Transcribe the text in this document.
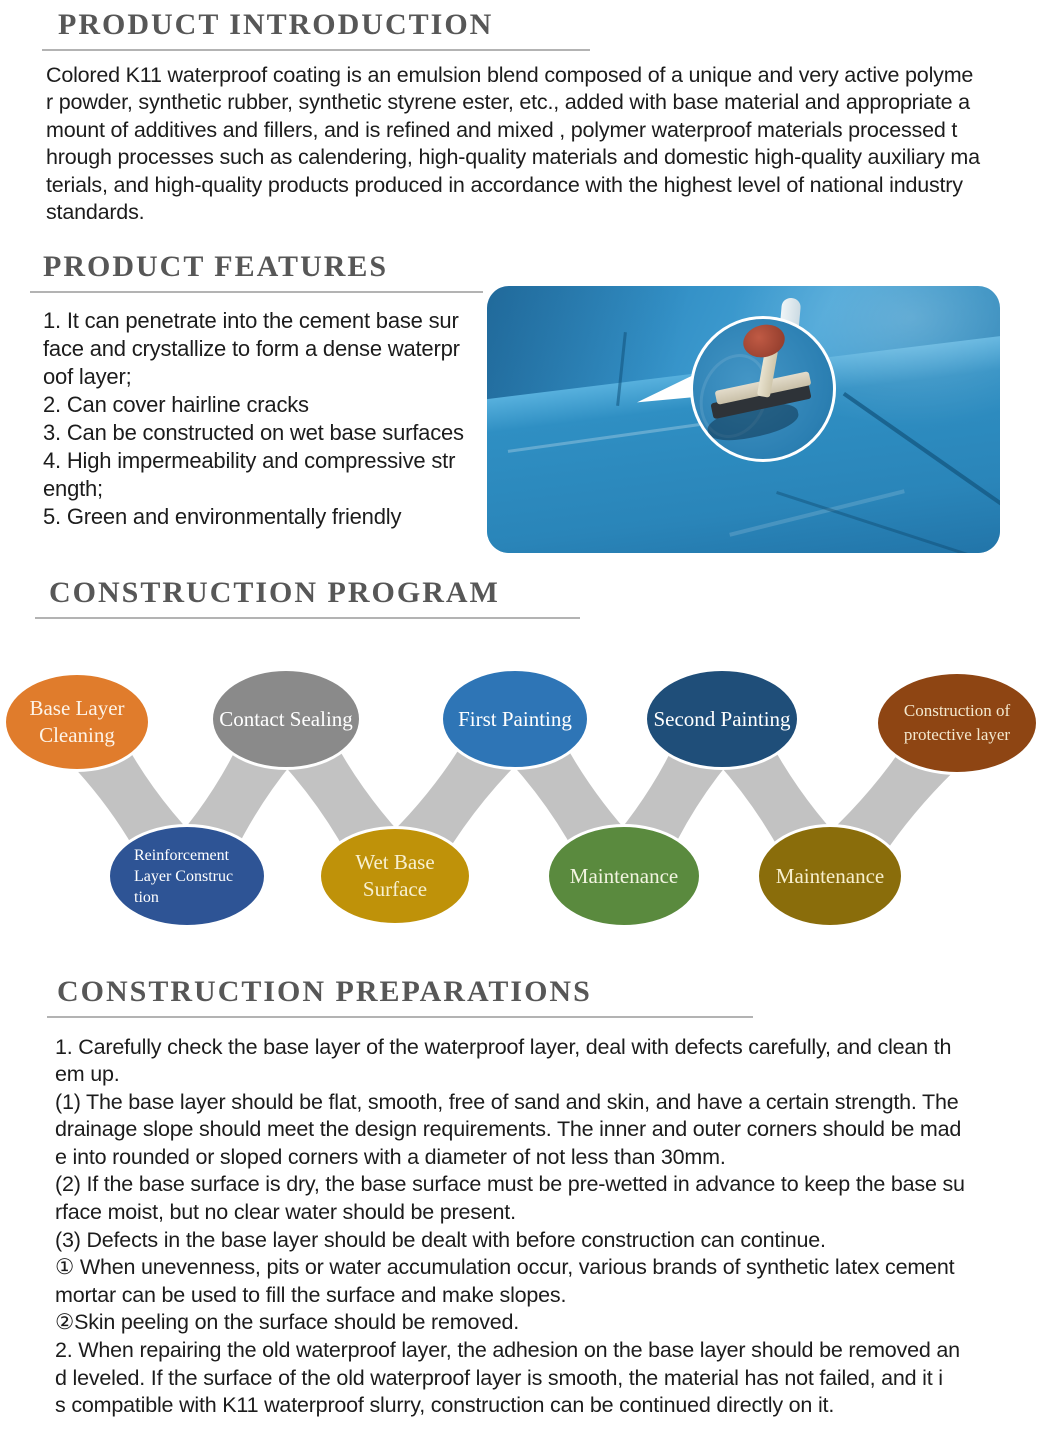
PRODUCT INTRODUCTION
Colored K11 waterproof coating is an emulsion blend composed of a unique and very active polyme
r powder, synthetic rubber, synthetic styrene ester, etc., added with base material and appropriate a
mount of additives and fillers, and is refined and mixed , polymer waterproof materials processed t
hrough processes such as calendering, high-quality materials and domestic high-quality auxiliary ma
terials, and high-quality products produced in accordance with the highest level of national industry
standards.
PRODUCT FEATURES
1. It can penetrate into the cement base sur
face and crystallize to form a dense waterpr
oof layer;
2. Can cover hairline cracks
3. Can be constructed on wet base surfaces
4. High impermeability and compressive str
ength;
5. Green and environmentally friendly
CONSTRUCTION PROGRAM
Base Layer
Cleaning
Contact Sealing	First Painting	Second Painting	Construction of
protective layer
Reinforcement
Layer Construc
tion
Wet Base
Surface
Maintenance	Maintenance
CONSTRUCTION PREPARATIONS
1. Carefully check the base layer of the waterproof layer, deal with defects carefully, and clean th
em up.
(1) The base layer should be flat, smooth, free of sand and skin, and have a certain strength. The
drainage slope should meet the design requirements. The inner and outer corners should be mad
e into rounded or sloped corners with a diameter of not less than 30mm.
(2) If the base surface is dry, the base surface must be pre-wetted in advance to keep the base su
rface moist, but no clear water should be present.
(3) Defects in the base layer should be dealt with before construction can continue.
① When unevenness, pits or water accumulation occur, various brands of synthetic latex cement
mortar can be used to fill the surface and make slopes.
②Skin peeling on the surface should be removed.
2. When repairing the old waterproof layer, the adhesion on the base layer should be removed an
d leveled. If the surface of the old waterproof layer is smooth, the material has not failed, and it i
s compatible with K11 waterproof slurry, construction can be continued directly on it.
